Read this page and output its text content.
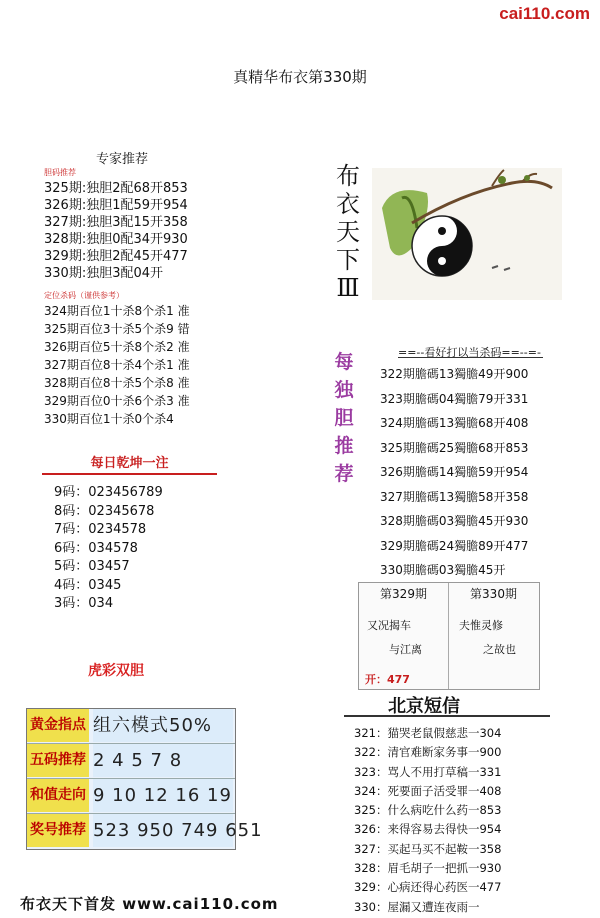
cai110.com
真精华布衣第330期
专家推荐
胆码推荐
325期:独胆2配68开853
326期:独胆1配59开954
327期:独胆3配15开358
328期:独胆0配34开930
329期:独胆2配45开477
330期:独胆3配04开
定位杀码（谨供参考）
324期百位1十杀8个杀1 准
325期百位3十杀5个杀9 错
326期百位5十杀8个杀2 准
327期百位8十杀4个杀1 准
328期百位8十杀5个杀8 准
329期百位0十杀6个杀3 准
330期百位1十杀0个杀4
每日乾坤一注
9码：023456789
8码：02345678
7码：0234578
6码：034578
5码：03457
4码：0345
3码：034
虎彩双胆
黄金指点 组六模式50%
五码推荐 2 4 5 7 8
和值走向 9 10 12 16 19
奖号推荐 523 950 749 651
布衣天下首发 www.cai110.com
布
衣
天
下
Ⅲ
每
独
胆
推
荐
==--看好打以当杀码==--=-
322期膽碼13獨膽49开900
323期膽碼04獨膽79开331
324期膽碼13獨膽68开408
325期膽碼25獨膽68开853
326期膽碼14獨膽59开954
327期膽碼13獨膽58开358
328期膽碼03獨膽45开930
329期膽碼24獨膽89开477
330期膽碼03獨膽45开
第329期
又况揭车
与江离
开：477
第330期
夫惟灵修
之故也
北京短信
321：猫哭老鼠假慈悲一304
322：清官难断家务事一900
323：骂人不用打草稿一331
324：死要面子活受罪一408
325：什么病吃什么药一853
326：来得容易去得快一954
327：买起马买不起鞍一358
328：眉毛胡子一把抓一930
329：心病还得心药医一477
330：屋漏又遭连夜雨一
